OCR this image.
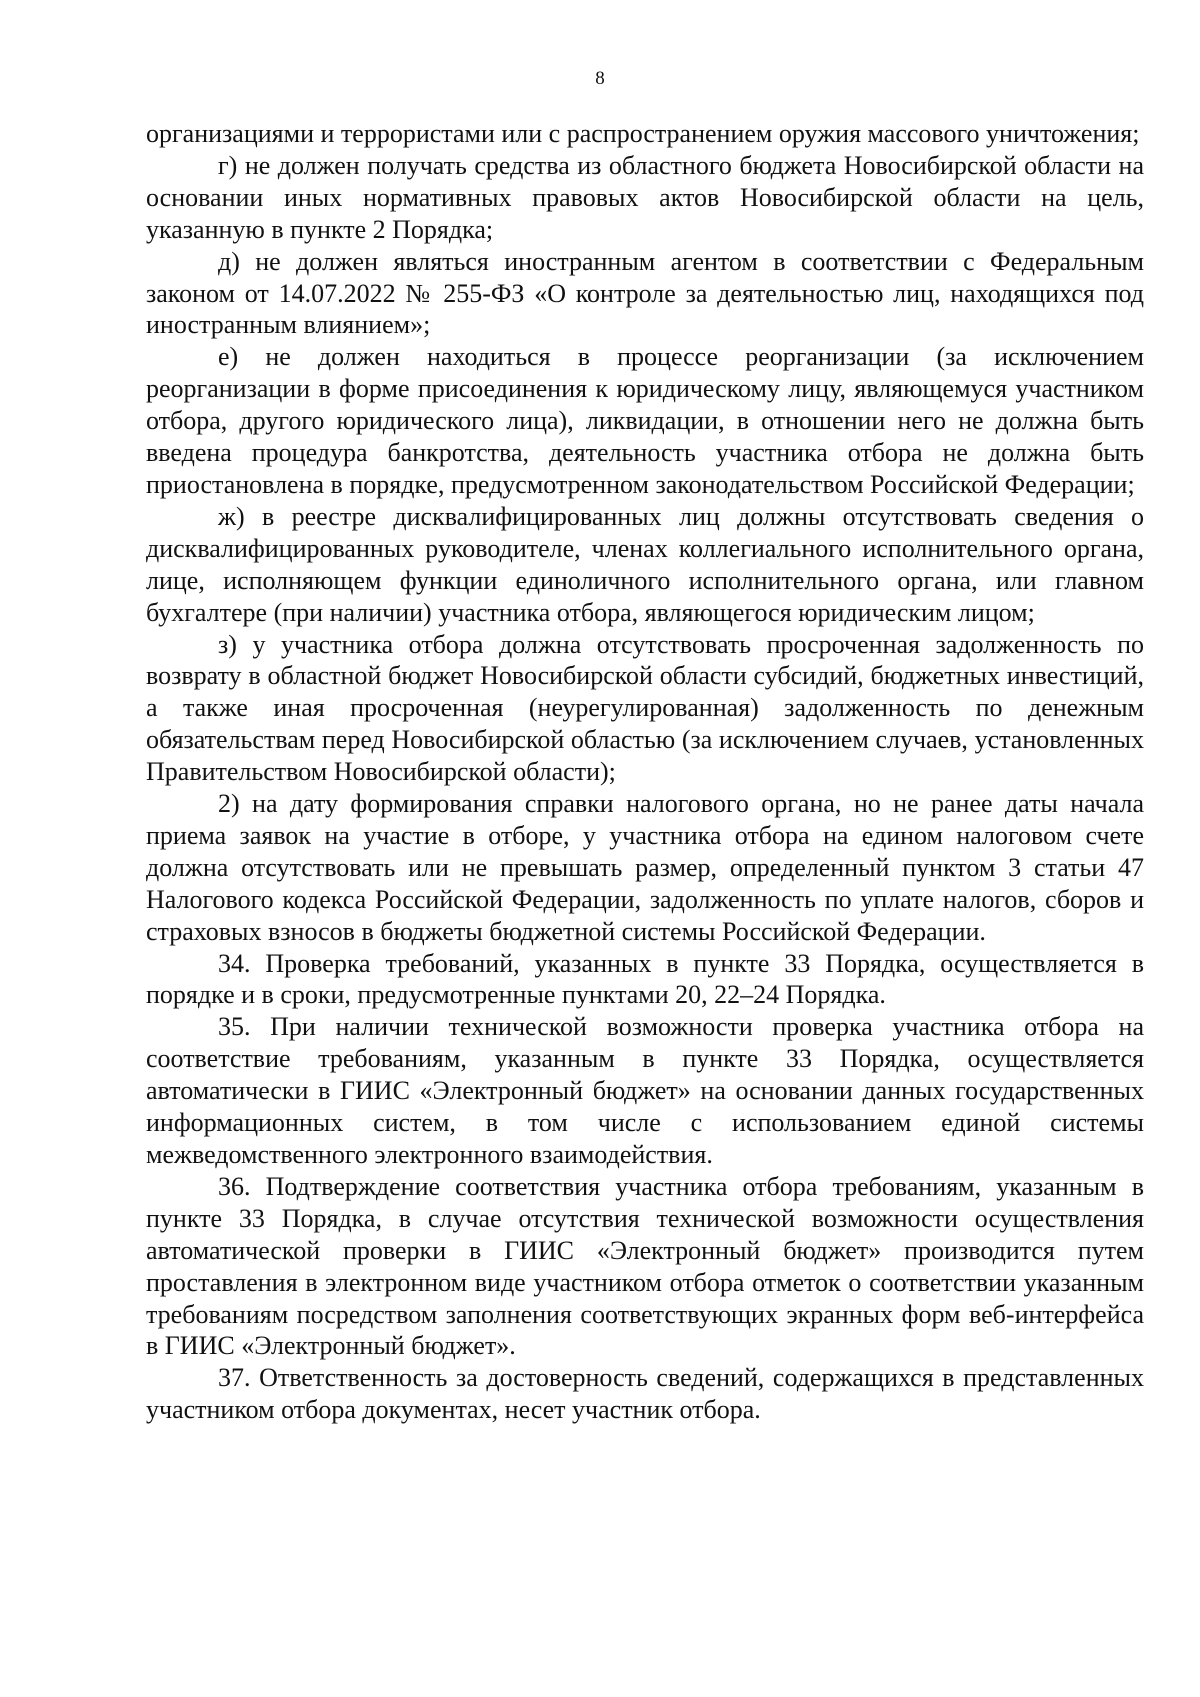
8

организациями и террористами или с распространением оружия массового уничтожения;

г) не должен получать средства из областного бюджета Новосибирской области на основании иных нормативных правовых актов Новосибирской области на цель, указанную в пункте 2 Порядка;

д) не должен являться иностранным агентом в соответствии с Федеральным законом от 14.07.2022 № 255-ФЗ «О контроле за деятельностью лиц, находящихся под иностранным влиянием»;

е) не должен находиться в процессе реорганизации (за исключением реорганизации в форме присоединения к юридическому лицу, являющемуся участником отбора, другого юридического лица), ликвидации, в отношении него не должна быть введена процедура банкротства, деятельность участника отбора не должна быть приостановлена в порядке, предусмотренном законодательством Российской Федерации;

ж) в реестре дисквалифицированных лиц должны отсутствовать сведения о дисквалифицированных руководителе, членах коллегиального исполнительного органа, лице, исполняющем функции единоличного исполнительного органа, или главном бухгалтере (при наличии) участника отбора, являющегося юридическим лицом;

з) у участника отбора должна отсутствовать просроченная задолженность по возврату в областной бюджет Новосибирской области субсидий, бюджетных инвестиций, а также иная просроченная (неурегулированная) задолженность по денежным обязательствам перед Новосибирской областью (за исключением случаев, установленных Правительством Новосибирской области);

2) на дату формирования справки налогового органа, но не ранее даты начала приема заявок на участие в отборе, у участника отбора на едином налоговом счете должна отсутствовать или не превышать размер, определенный пунктом 3 статьи 47 Налогового кодекса Российской Федерации, задолженность по уплате налогов, сборов и страховых взносов в бюджеты бюджетной системы Российской Федерации.

34. Проверка требований, указанных в пункте 33 Порядка, осуществляется в порядке и в сроки, предусмотренные пунктами 20, 22–24 Порядка.

35. При наличии технической возможности проверка участника отбора на соответствие требованиям, указанным в пункте 33 Порядка, осуществляется автоматически в ГИИС «Электронный бюджет» на основании данных государственных информационных систем, в том числе с использованием единой системы межведомственного электронного взаимодействия.

36. Подтверждение соответствия участника отбора требованиям, указанным в пункте 33 Порядка, в случае отсутствия технической возможности осуществления автоматической проверки в ГИИС «Электронный бюджет» производится путем проставления в электронном виде участником отбора отметок о соответствии указанным требованиям посредством заполнения соответствующих экранных форм веб-интерфейса в ГИИС «Электронный бюджет».

37. Ответственность за достоверность сведений, содержащихся в представленных участником отбора документах, несет участник отбора.
